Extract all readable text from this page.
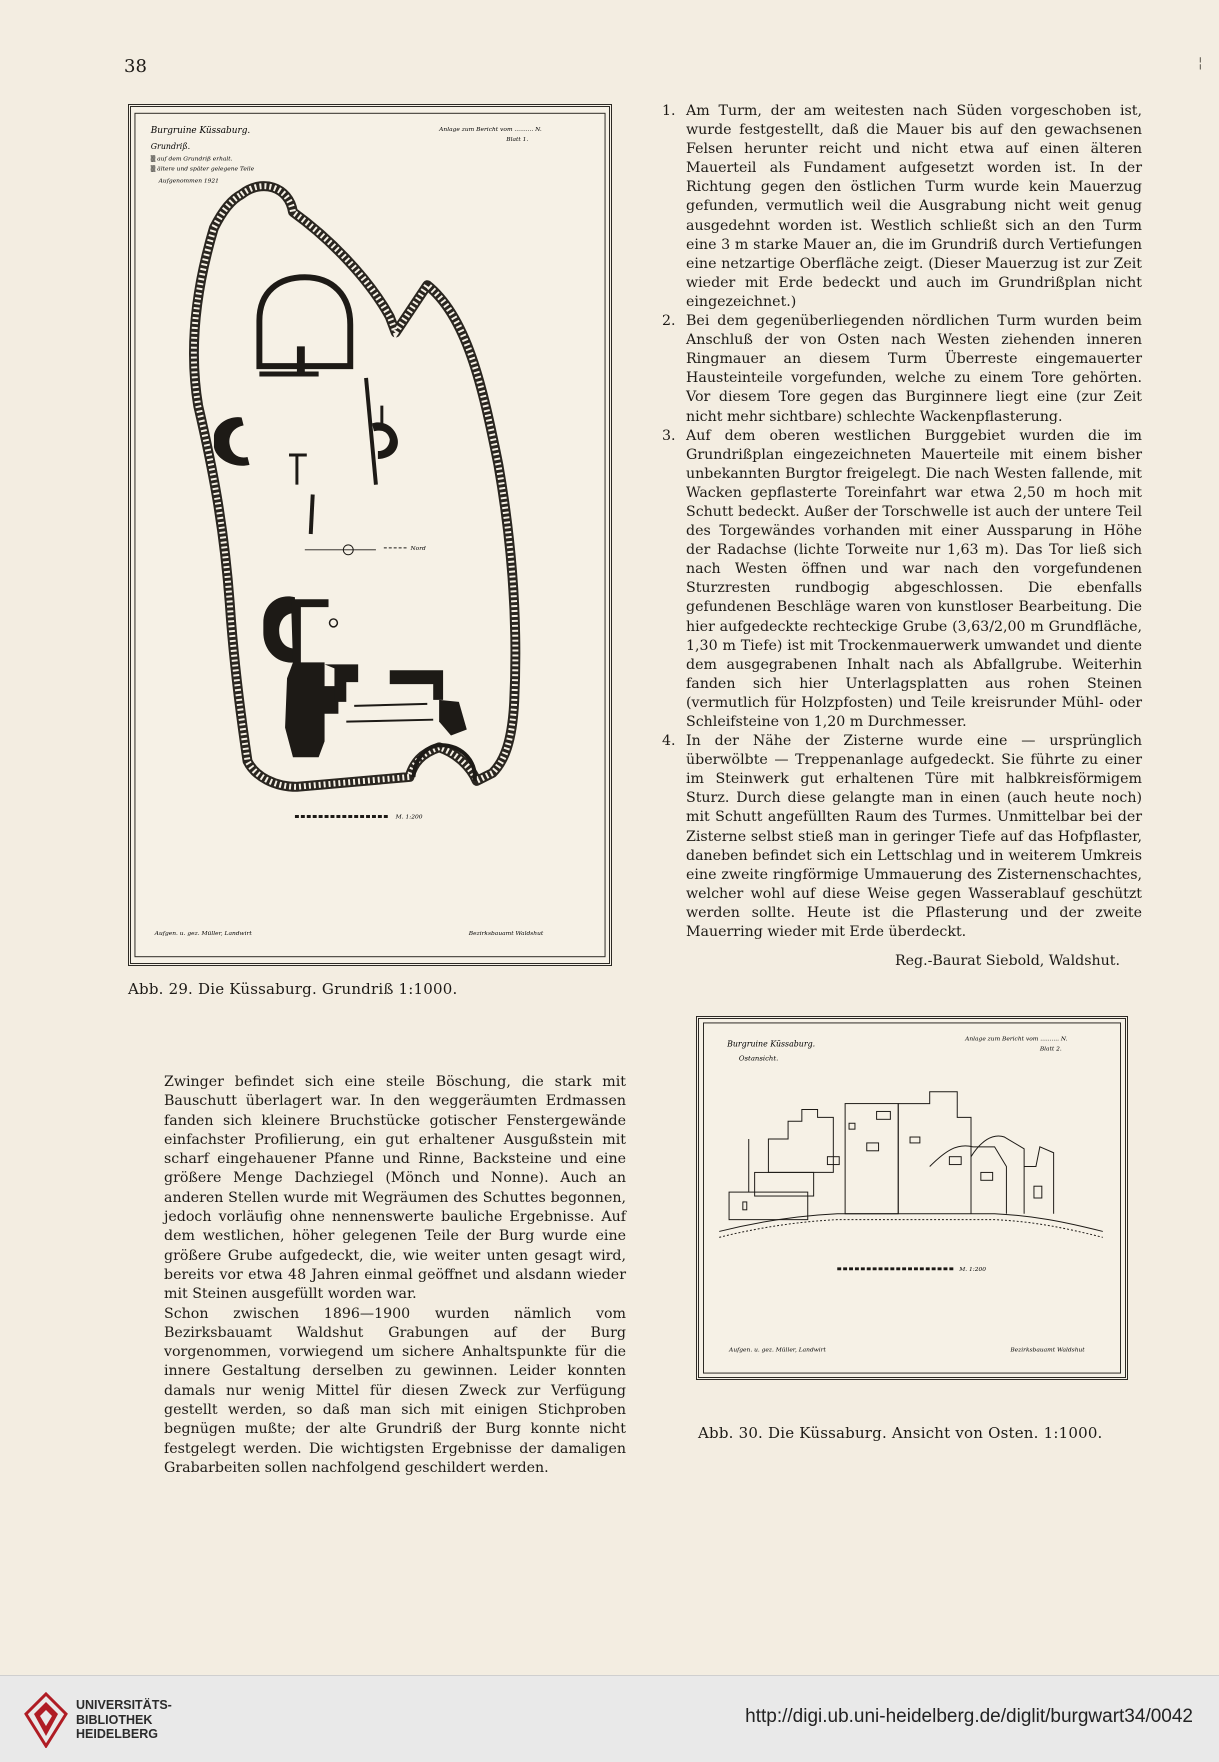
38	¦
Burgruine Küssaburg.
Grundriß.
▒ auf dem Grundriß erhalt.
▒ ältere und später gelegene Teile
Aufgenommen 1921
Anlage zum Bericht vom .......... N.
Blatt 1.
Nord
M. 1:200
Aufgen. u. gez. Müller, Landwirt	Bezirksbauamt Waldshut
Abb. 29. Die Küssaburg. Grundriß 1:1000.
1. Am Turm, der am weitesten nach Süden vorgeschoben ist, wurde festgestellt, daß die Mauer bis auf den gewachsenen Felsen herunter reicht und nicht etwa auf einen älteren Mauerteil als Fundament aufgesetzt worden ist. In der Richtung gegen den östlichen Turm wurde kein Mauerzug gefunden, vermutlich weil die Ausgrabung nicht weit genug ausgedehnt worden ist. Westlich schließt sich an den Turm eine 3 m starke Mauer an, die im Grundriß durch Vertiefungen eine netzartige Oberfläche zeigt. (Dieser Mauerzug ist zur Zeit wieder mit Erde bedeckt und auch im Grundrißplan nicht eingezeichnet.)
2. Bei dem gegenüberliegenden nördlichen Turm wurden beim Anschluß der von Osten nach Westen ziehenden inneren Ringmauer an diesem Turm Überreste eingemauerter Hausteinteile vorgefunden, welche zu einem Tore gehörten. Vor diesem Tore gegen das Burginnere liegt eine (zur Zeit nicht mehr sichtbare) schlechte Wackenpflasterung.
3. Auf dem oberen westlichen Burggebiet wurden die im Grundrißplan eingezeichneten Mauerteile mit einem bisher unbekannten Burgtor freigelegt. Die nach Westen fallende, mit Wacken gepflasterte Toreinfahrt war etwa 2,50 m hoch mit Schutt bedeckt. Außer der Torschwelle ist auch der untere Teil des Torgewändes vorhanden mit einer Aussparung in Höhe der Radachse (lichte Torweite nur 1,63 m). Das Tor ließ sich nach Westen öffnen und war nach den vorgefundenen Sturzresten rundbogig abgeschlossen. Die ebenfalls gefundenen Beschläge waren von kunstloser Bearbeitung. Die hier aufgedeckte rechteckige Grube (3,63/2,00 m Grundfläche, 1,30 m Tiefe) ist mit Trockenmauerwerk umwandet und diente dem ausgegrabenen Inhalt nach als Abfallgrube. Weiterhin fanden sich hier Unterlagsplatten aus rohen Steinen (vermutlich für Holzpfosten) und Teile kreisrunder Mühl- oder Schleifsteine von 1,20 m Durchmesser.
4. In der Nähe der Zisterne wurde eine — ursprünglich überwölbte — Treppenanlage aufgedeckt. Sie führte zu einer im Steinwerk gut erhaltenen Türe mit halbkreisförmigem Sturz. Durch diese gelangte man in einen (auch heute noch) mit Schutt angefüllten Raum des Turmes. Unmittelbar bei der Zisterne selbst stieß man in geringer Tiefe auf das Hofpflaster, daneben befindet sich ein Lettschlag und in weiterem Umkreis eine zweite ringförmige Ummauerung des Zisternenschachtes, welcher wohl auf diese Weise gegen Wasserablauf geschützt werden sollte. Heute ist die Pflasterung und der zweite Mauerring wieder mit Erde überdeckt.
Reg.-Baurat Siebold, Waldshut.
Burgruine Küssaburg.
Ostansicht.
Anlage zum Bericht vom .......... N.
Blatt 2.
M. 1:200
Aufgen. u. gez. Müller, Landwirt	Bezirksbauamt Waldshut
Abb. 30. Die Küssaburg. Ansicht von Osten. 1:1000.

Zwinger befindet sich eine steile Böschung, die stark mit Bauschutt überlagert war. In den weggeräumten Erdmassen fanden sich kleinere Bruchstücke gotischer Fenstergewände einfachster Profilierung, ein gut erhaltener Ausgußstein mit scharf eingehauener Pfanne und Rinne, Backsteine und eine größere Menge Dachziegel (Mönch und Nonne). Auch an anderen Stellen wurde mit Wegräumen des Schuttes begonnen, jedoch vorläufig ohne nennenswerte bauliche Ergebnisse. Auf dem westlichen, höher gelegenen Teile der Burg wurde eine größere Grube aufgedeckt, die, wie weiter unten gesagt wird, bereits vor etwa 48 Jahren einmal geöffnet und alsdann wieder mit Steinen ausgefüllt worden war.

Schon zwischen 1896—1900 wurden nämlich vom Bezirksbauamt Waldshut Grabungen auf der Burg vorgenommen, vorwiegend um sichere Anhaltspunkte für die innere Gestaltung derselben zu gewinnen. Leider konnten damals nur wenig Mittel für diesen Zweck zur Verfügung gestellt werden, so daß man sich mit einigen Stichproben begnügen mußte; der alte Grundriß der Burg konnte nicht festgelegt werden. Die wichtigsten Ergebnisse der damaligen Grabarbeiten sollen nachfolgend geschildert werden.

UNIVERSITÄTS-
BIBLIOTHEK
HEIDELBERG
http://digi.ub.uni-heidelberg.de/diglit/burgwart34/0042
